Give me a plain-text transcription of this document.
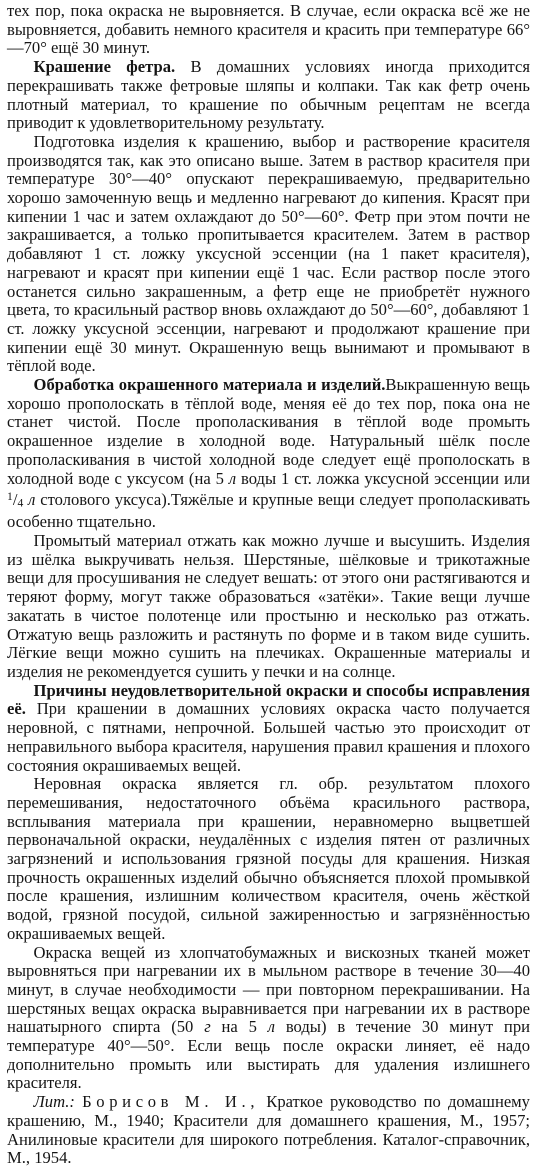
тех пор, пока окраска не выровняется. В случае, если окраска всё же не выровняется, добавить немного красителя и красить при температуре 66°—70° ещё 30 минут.

Крашение фетра. В домашних условиях иногда приходится перекрашивать также фетровые шляпы и колпаки. Так как фетр очень плотный материал, то крашение по обычным рецептам не всегда приводит к удовлетворительному результату.

Подготовка изделия к крашению, выбор и растворение красителя производятся так, как это описано выше. Затем в раствор красителя при температуре 30°—40° опускают перекрашиваемую, предварительно хорошо замоченную вещь и медленно нагревают до кипения. Красят при кипении 1 час и затем охлаждают до 50°—60°. Фетр при этом почти не закрашивается, а только пропитывается красителем. Затем в раствор добавляют 1 ст. ложку уксусной эссенции (на 1 пакет красителя), нагревают и красят при кипении ещё 1 час. Если раствор после этого останется сильно закрашенным, а фетр еще не приобретёт нужного цвета, то красильный раствор вновь охлаждают до 50°—60°, добавляют 1 ст. ложку уксусной эссенции, нагревают и продолжают крашение при кипении ещё 30 минут. Окрашенную вещь вынимают и промывают в тёплой воде.

Обработка окрашенного материала и изделий.Выкрашенную вещь хорошо прополоскать в тёплой воде, меняя её до тех пор, пока она не станет чистой. После прополаскивания в тёплой воде промыть окрашенное изделие в холодной воде. Натуральный шёлк после прополаскивания в чистой холодной воде следует ещё прополоскать в холодной воде с уксусом (на 5 л воды 1 ст. ложка уксусной эссенции или $^1$/4 л столового уксуса).Тяжёлые и крупные вещи следует прополаскивать особенно тщательно.

Промытый материал отжать как можно лучше и высушить. Изделия из шёлка выкручивать нельзя. Шерстяные, шёлковые и трикотажные вещи для просушивания не следует вешать: от этого они растягиваются и теряют форму, могут также образоваться «затёки». Такие вещи лучше закатать в чистое полотенце или простыню и несколько раз отжать. Отжатую вещь разложить и растянуть по форме и в таком виде сушить. Лёгкие вещи можно сушить на плечиках. Окрашенные материалы и изделия не рекомендуется сушить у печки и на солнце.

Причины неудовлетворительной окраски и способы исправления её. При крашении в домашних условиях окраска часто получается неровной, с пятнами, непрочной. Большей частью это происходит от неправильного выбора красителя, нарушения правил крашения и плохого состояния окрашиваемых вещей.

Неровная окраска является гл. обр. результатом плохого перемешивания, недостаточного объёма красильного раствора, всплывания материала при крашении, неравномерно выцветшей первоначальной окраски, неудалённых с изделия пятен от различных загрязнений и использования грязной посуды для крашения. Низкая прочность окрашенных изделий обычно объясняется плохой промывкой после крашения, излишним количеством красителя, очень жёсткой водой, грязной посудой, сильной зажиренностью и загрязнённостью окрашиваемых вещей.

Окраска вещей из хлопчатобумажных и вискозных тканей может выровняться при нагревании их в мыльном растворе в течение 30—40 минут, в случае необходимости — при повторном перекрашивании. На шерстяных вещах окраска выравнивается при нагревании их в растворе нашатырного спирта (50 г на 5 л воды) в течение 30 минут при температуре 40°—50°. Если вещь после окраски линяет, её надо дополнительно промыть или выстирать для удаления излишнего красителя.

Лит.: Борисов М. И., Краткое руководство по домашнему крашению, М., 1940; Красители для домашнего крашения, М., 1957; Анилиновые красители для широкого потребления. Каталог-справочник, М., 1954.
